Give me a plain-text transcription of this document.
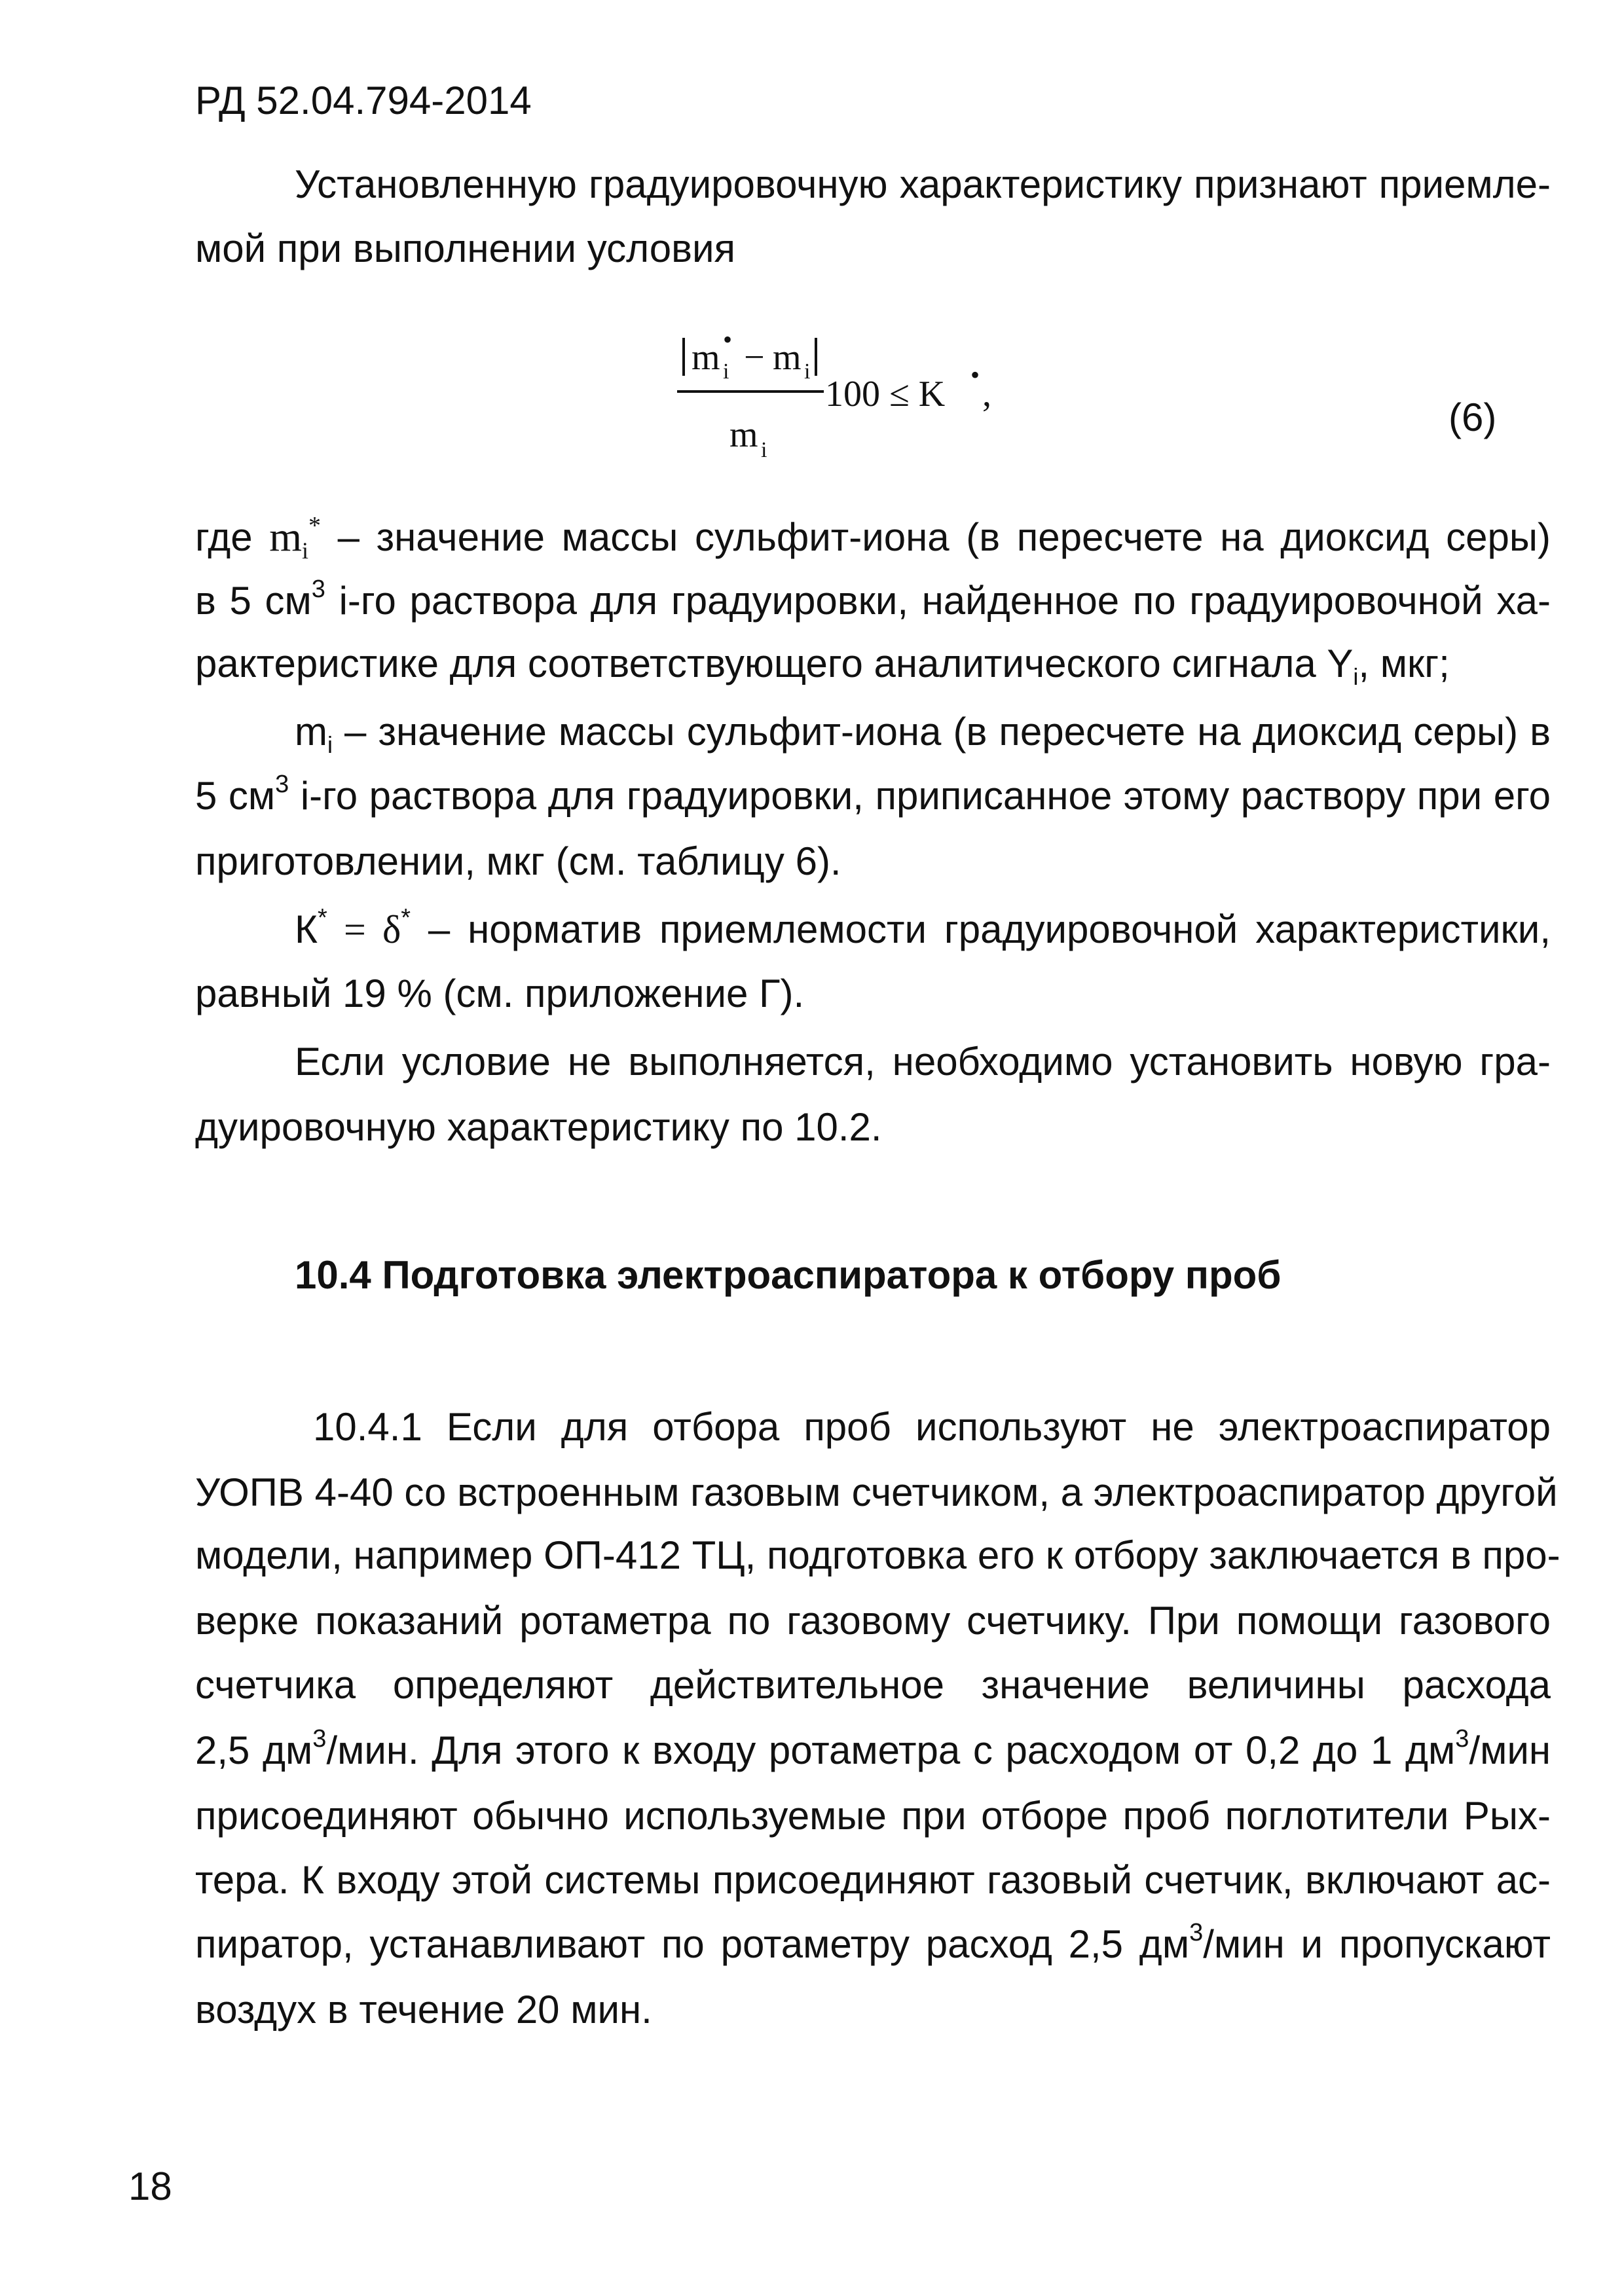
РД 52.04.794-2014
Установленную градуировочную характеристику признают приемле-
мой при выполнении условия
m •
i − m i
100 ≤ K • ,
m i
(6)
где $m_i^*$ – значение массы сульфит-иона (в пересчете на диоксид серы)
в 5 $см^3$ i-го раствора для градуировки, найденное по градуировочной ха-
рактеристике для соответствующего аналитического сигнала $Y_i$, мкг;
$m_i$ – значение массы сульфит-иона (в пересчете на диоксид серы) в
5 $см^3$ i-го раствора для градуировки, приписанное этому раствору при его
приготовлении, мкг (см. таблицу 6).
К* = δ* – норматив приемлемости градуировочной характеристики,
равный 19 % (см. приложение Г).
Если условие не выполняется, необходимо установить новую гра-
дуировочную характеристику по 10.2.
10.4 Подготовка электроаспиратора к отбору проб
10.4.1 Если для отбора проб используют не электроаспиратор
УОПВ 4-40 со встроенным газовым счетчиком, а электроаспиратор другой
модели, например ОП-412 ТЦ, подготовка его к отбору заключается в про-
верке показаний ротаметра по газовому счетчику. При помощи газового
счетчика определяют действительное значение величины расхода
2,5 $дм^3$/мин. Для этого к входу ротаметра с расходом от 0,2 до 1 $дм^3$/мин
присоединяют обычно используемые при отборе проб поглотители Рых-
тера. К входу этой системы присоединяют газовый счетчик, включают ас-
пиратор, устанавливают по ротаметру расход 2,5 $дм^3$/мин и пропускают
воздух в течение 20 мин.
18
